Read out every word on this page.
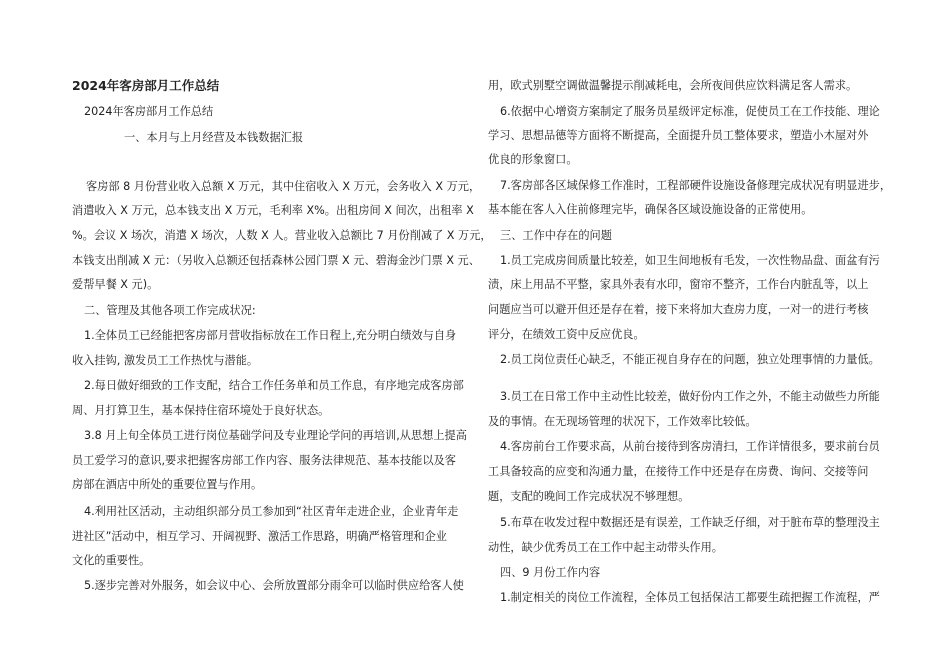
2024年客房部月工作总结
2024年客房部月工作总结
一、本月与上月经营及本钱数据汇报
客房部 8 月份营业收入总额 X 万元，其中住宿收入 X 万元，会务收入 X 万元，
消遣收入 X 万元，总本钱支出 X 万元，毛利率 X%。出租房间 X 间次，出租率 X
%。会议 X 场次，消遣 X 场次，人数 X 人。营业收入总额比 7 月份削减了 X 万元，
本钱支出削减 X 元：（另收入总额还包括森林公园门票 X 元、碧海金沙门票 X 元、
爱帮早餐 X 元)。
二、管理及其他各项工作完成状况:
1.全体员工已经能把客房部月营收指标放在工作日程上,充分明白绩效与自身
收入挂钩, 激发员工工作热忱与潜能。
2.每日做好细致的工作支配，结合工作任务单和员工作息，有序地完成客房部
周、月打算卫生，基本保持住宿环境处于良好状态。
3.8 月上旬全体员工进行岗位基础学问及专业理论学问的再培训,从思想上提高
员工爱学习的意识,要求把握客房部工作内容、服务法律规范、基本技能以及客
房部在酒店中所处的重要位置与作用。
4.利用社区活动，主动组织部分员工参加到“社区青年走进企业，企业青年走
进社区”活动中，相互学习、开阔视野、激活工作思路，明确严格管理和企业
文化的重要性。
5.逐步完善对外服务，如会议中心、会所放置部分雨伞可以临时供应给客人使
用，欧式别墅空调做温馨提示削减耗电，会所夜间供应饮料满足客人需求。
6.依据中心增资方案制定了服务员星级评定标准，促使员工在工作技能、理论
学习、思想品德等方面将不断提高，全面提升员工整体要求，塑造小木屋对外
优良的形象窗口。
7.客房部各区域保修工作准时，工程部硬件设施设备修理完成状况有明显进步，
基本能在客人入住前修理完毕，确保各区域设施设备的正常使用。
三、工作中存在的问题
1.员工完成房间质量比较差，如卫生间地板有毛发，一次性物品盘、面盆有污
渍，床上用品不平整，家具外表有水印，窗帘不整齐，工作台内脏乱等，以上
问题应当可以避开但还是存在着，接下来将加大查房力度，一对一的进行考核
评分，在绩效工资中反应优良。
2.员工岗位责任心缺乏，不能正视自身存在的问题，独立处理事情的力量低。
3.员工在日常工作中主动性比较差，做好份内工作之外，不能主动做些力所能
及的事情。在无现场管理的状况下，工作效率比较低。
4.客房前台工作要求高，从前台接待到客房清扫，工作详情很多，要求前台员
工具备较高的应变和沟通力量，在接待工作中还是存在房费、询问、交接等问
题，支配的晚间工作完成状况不够理想。
5.布草在收发过程中数据还是有误差，工作缺乏仔细，对于脏布草的整理没主
动性，缺少优秀员工在工作中起主动带头作用。
四、9 月份工作内容
1.制定相关的岗位工作流程，全体员工包括保洁工都要生疏把握工作流程，严
